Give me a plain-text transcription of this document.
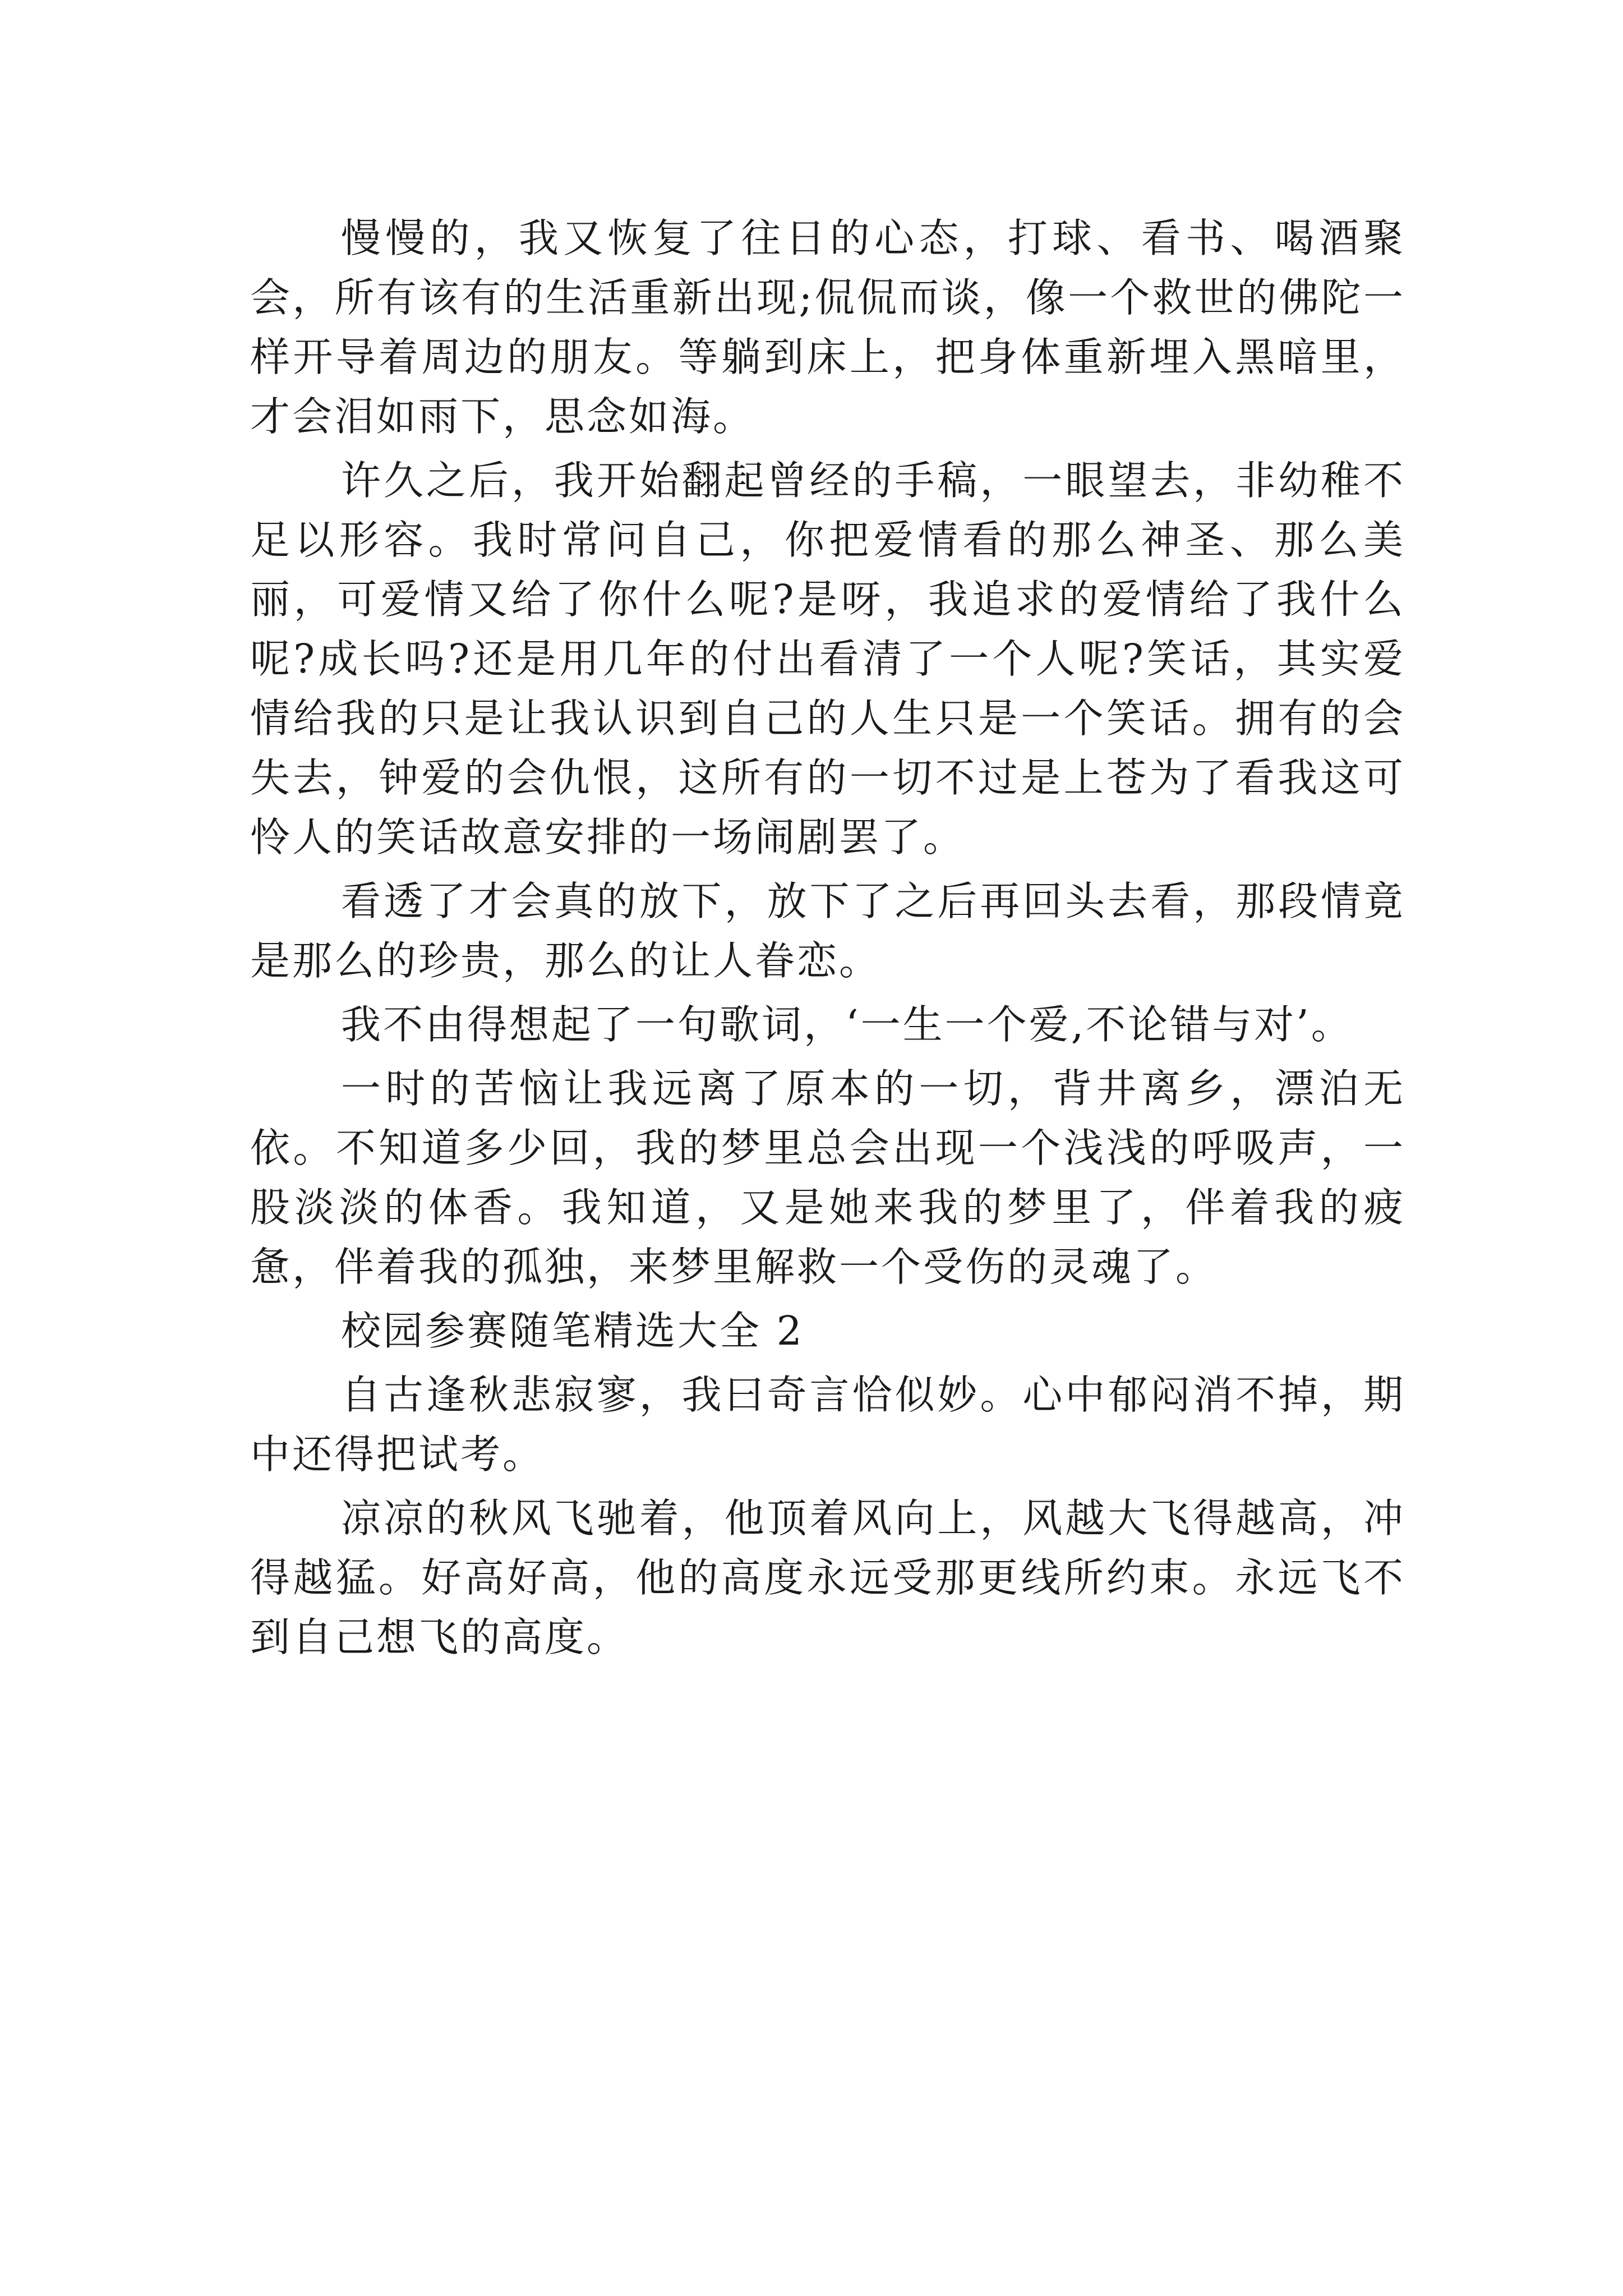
慢慢的，我又恢复了往日的心态，打球、看书、喝酒聚会，所有该有的生活重新出现;侃侃而谈，像一个救世的佛陀一样开导着周边的朋友。等躺到床上，把身体重新埋入黑暗里，才会泪如雨下，思念如海。

许久之后，我开始翻起曾经的手稿，一眼望去，非幼稚不足以形容。我时常问自己，你把爱情看的那么神圣、那么美丽，可爱情又给了你什么呢?是呀，我追求的爱情给了我什么呢?成长吗?还是用几年的付出看清了一个人呢?笑话，其实爱情给我的只是让我认识到自己的人生只是一个笑话。拥有的会失去，钟爱的会仇恨，这所有的一切不过是上苍为了看我这可怜人的笑话故意安排的一场闹剧罢了。

看透了才会真的放下，放下了之后再回头去看，那段情竟是那么的珍贵，那么的让人眷恋。

我不由得想起了一句歌词，‘一生一个爱,不论错与对’。

一时的苦恼让我远离了原本的一切，背井离乡，漂泊无依。不知道多少回，我的梦里总会出现一个浅浅的呼吸声，一股淡淡的体香。我知道，又是她来我的梦里了，伴着我的疲惫，伴着我的孤独，来梦里解救一个受伤的灵魂了。

校园参赛随笔精选大全 2

自古逢秋悲寂寥，我曰奇言恰似妙。心中郁闷消不掉，期中还得把试考。

凉凉的秋风飞驰着，他顶着风向上，风越大飞得越高，冲得越猛。好高好高，他的高度永远受那更线所约束。永远飞不到自己想飞的高度。
